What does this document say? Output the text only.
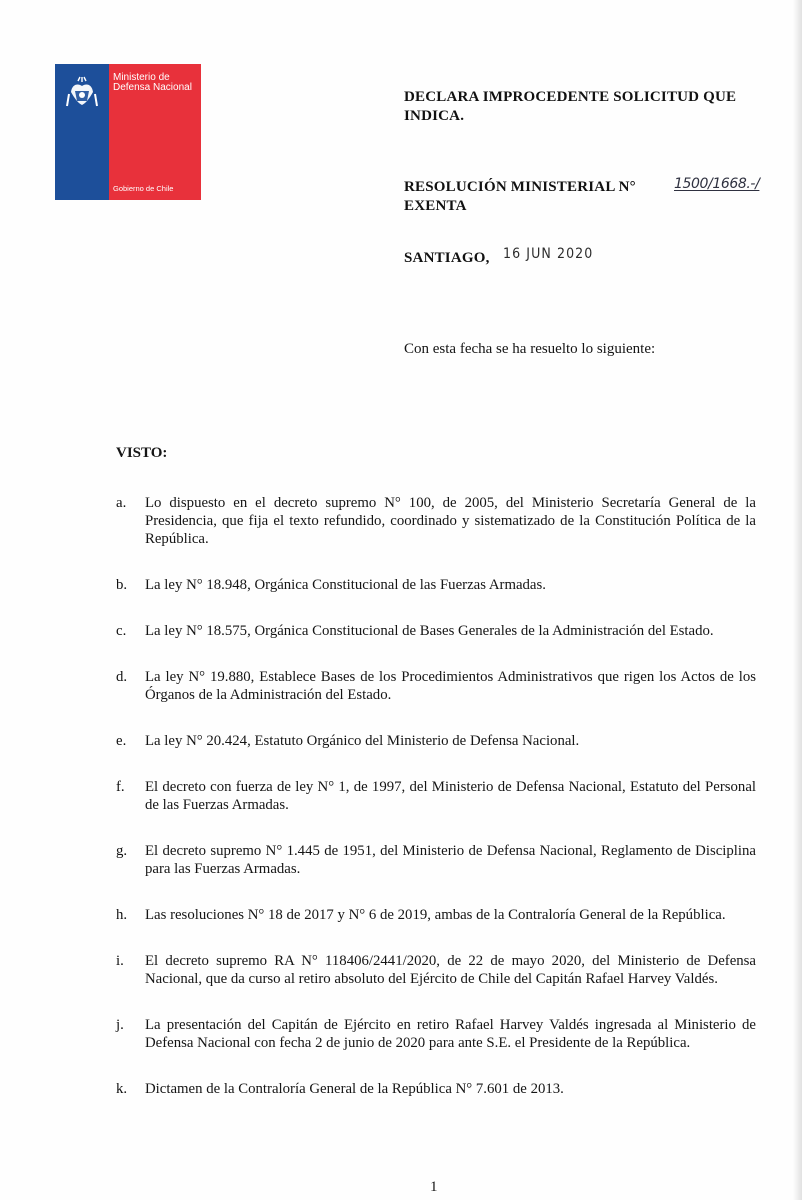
Ministerio de Defensa Nacional
Gobierno de Chile
DECLARA IMPROCEDENTE SOLICITUD QUE INDICA.
RESOLUCIÓN MINISTERIAL N°
EXENTA
1500/1668.-/
SANTIAGO, 16 JUN 2020
Con esta fecha se ha resuelto lo siguiente:
VISTO:
a.	Lo dispuesto en el decreto supremo N° 100, de 2005, del Ministerio Secretaría General de la Presidencia, que fija el texto refundido, coordinado y sistematizado de la Constitución Política de la República.
b.	La ley N° 18.948, Orgánica Constitucional de las Fuerzas Armadas.
c.	La ley N° 18.575, Orgánica Constitucional de Bases Generales de la Administración del Estado.
d.	La ley N° 19.880, Establece Bases de los Procedimientos Administrativos que rigen los Actos de los Órganos de la Administración del Estado.
e.	La ley N° 20.424, Estatuto Orgánico del Ministerio de Defensa Nacional.
f.	El decreto con fuerza de ley N° 1, de 1997, del Ministerio de Defensa Nacional, Estatuto del Personal de las Fuerzas Armadas.
g.	El decreto supremo N° 1.445 de 1951, del Ministerio de Defensa Nacional, Reglamento de Disciplina para las Fuerzas Armadas.
h.	Las resoluciones N° 18 de 2017 y N° 6 de 2019, ambas de la Contraloría General de la República.
i.	El decreto supremo RA N° 118406/2441/2020, de 22 de mayo 2020, del Ministerio de Defensa Nacional, que da curso al retiro absoluto del Ejército de Chile del Capitán Rafael Harvey Valdés.
j.	La presentación del Capitán de Ejército en retiro Rafael Harvey Valdés ingresada al Ministerio de Defensa Nacional con fecha 2 de junio de 2020 para ante S.E. el Presidente de la República.
k.	Dictamen de la Contraloría General de la República N° 7.601 de 2013.
1
